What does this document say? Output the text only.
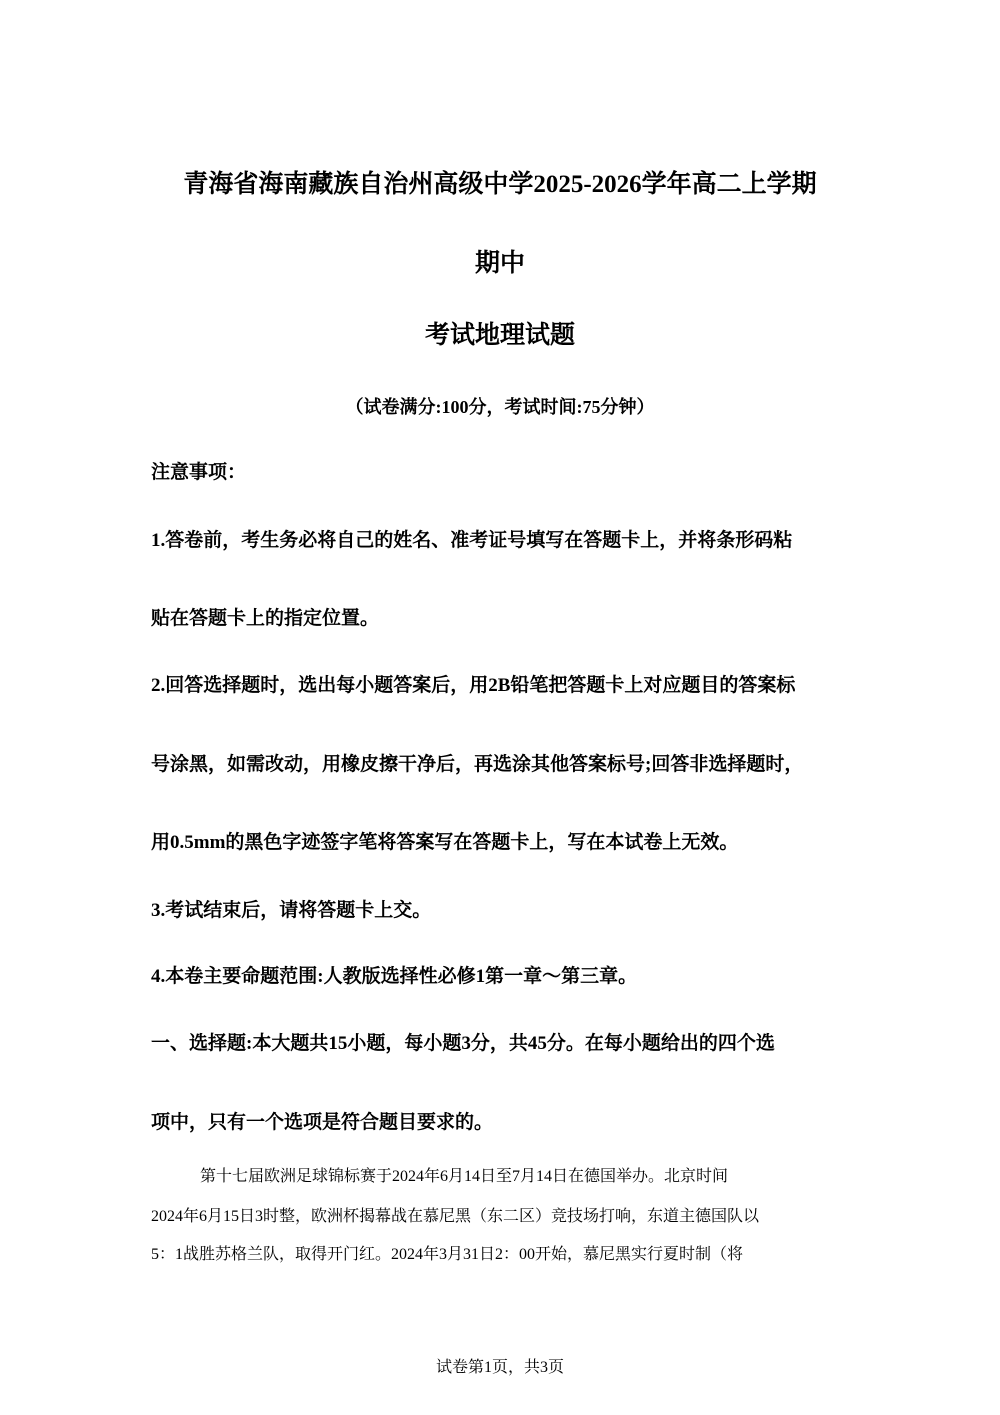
青海省海南藏族自治州高级中学2025-2026学年高二上学期
期中
考试地理试题
（试卷满分:100分，考试时间:75分钟）
注意事项：
1.答卷前，考生务必将自己的姓名、准考证号填写在答题卡上，并将条形码粘
贴在答题卡上的指定位置。
2.回答选择题时，选出每小题答案后，用2B铅笔把答题卡上对应题目的答案标
号涂黑，如需改动，用橡皮擦干净后，再选涂其他答案标号;回答非选择题时，
用0.5mm的黑色字迹签字笔将答案写在答题卡上，写在本试卷上无效。
3.考试结束后，请将答题卡上交。
4.本卷主要命题范围:人教版选择性必修1第一章～第三章。
一、选择题:本大题共15小题，每小题3分，共45分。在每小题给出的四个选
项中，只有一个选项是符合题目要求的。
第十七届欧洲足球锦标赛于2024年6月14日至7月14日在德国举办。北京时间
2024年6月15日3时整，欧洲杯揭幕战在慕尼黑（东二区）竞技场打响，东道主德国队以
5：1战胜苏格兰队，取得开门红。2024年3月31日2：00开始，慕尼黑实行夏时制（将
试卷第1页，共3页
